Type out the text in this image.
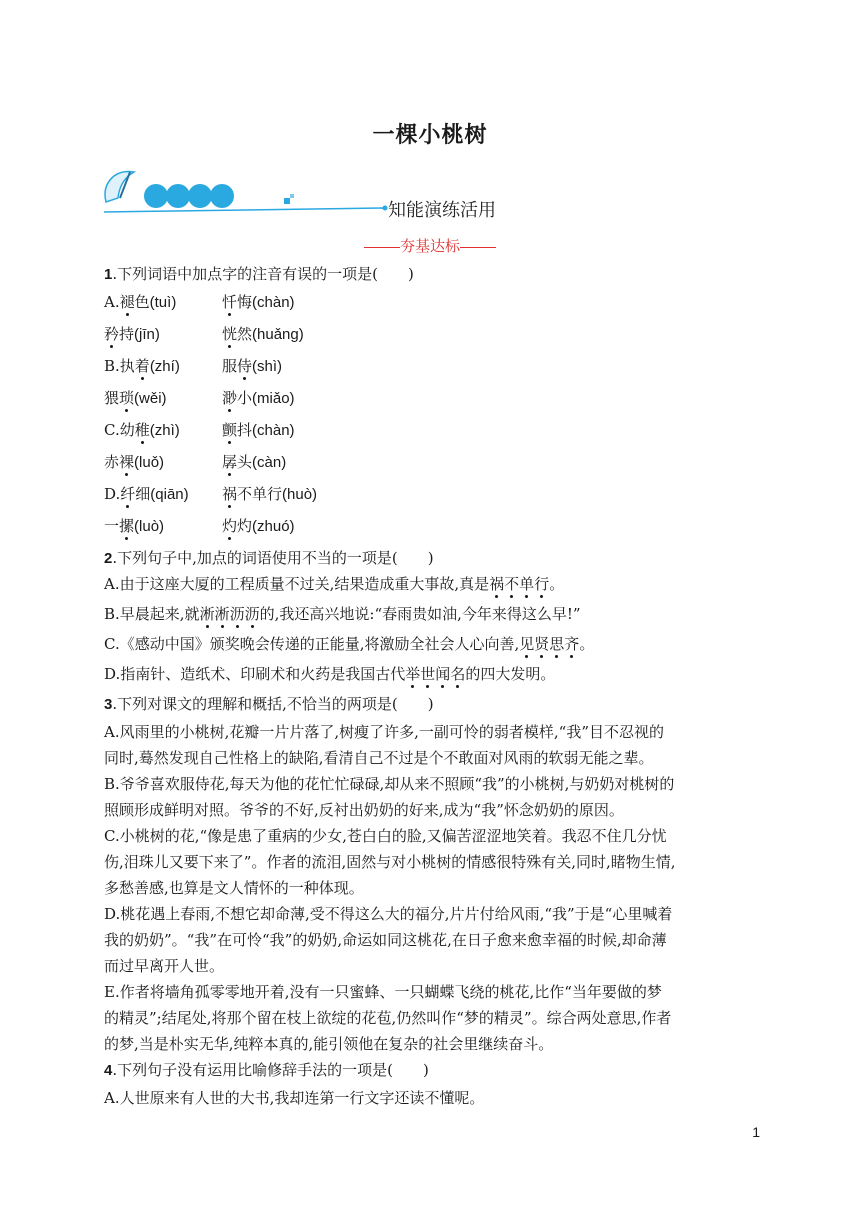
一棵小桃树
知能演练活用
夯基达标
1.下列词语中加点字的注音有误的一项是(　　)
A.褪色(tuì)	忏悔(chàn)
矜持(jīn)	恍然(huǎng)
B.执着(zhí)	服侍(shì)
猥琐(wěi)	渺小(miǎo)
C.幼稚(zhì)	颤抖(chàn)
赤裸(luǒ)	孱头(càn)
D.纤细(qiān) 祸不单行(huò)
一摞(luò)	灼灼(zhuó)
2.下列句子中,加点的词语使用不当的一项是(　　)
A.由于这座大厦的工程质量不过关,结果造成重大事故,真是祸不单行。
B.早晨起来,就淅淅沥沥的,我还高兴地说:“春雨贵如油,今年来得这么早!”
C.《感动中国》颁奖晚会传递的正能量,将激励全社会人心向善,见贤思齐。
D.指南针、造纸术、印刷术和火药是我国古代举世闻名的四大发明。
3.下列对课文的理解和概括,不恰当的两项是(　　)
A.风雨里的小桃树,花瓣一片片落了,树瘦了许多,一副可怜的弱者模样,“我”目不忍视的
同时,蓦然发现自己性格上的缺陷,看清自己不过是个不敢面对风雨的软弱无能之辈。
B.爷爷喜欢服侍花,每天为他的花忙忙碌碌,却从来不照顾“我”的小桃树,与奶奶对桃树的
照顾形成鲜明对照。爷爷的不好,反衬出奶奶的好来,成为“我”怀念奶奶的原因。
C.小桃树的花,“像是患了重病的少女,苍白白的脸,又偏苦涩涩地笑着。我忍不住几分忧
伤,泪珠儿又要下来了”。作者的流泪,固然与对小桃树的情感很特殊有关,同时,睹物生情,
多愁善感,也算是文人情怀的一种体现。
D.桃花遇上春雨,不想它却命薄,受不得这么大的福分,片片付给风雨,“我”于是“心里喊着
我的奶奶”。“我”在可怜“我”的奶奶,命运如同这桃花,在日子愈来愈幸福的时候,却命薄
而过早离开人世。
E.作者将墙角孤零零地开着,没有一只蜜蜂、一只蝴蝶飞绕的桃花,比作“当年要做的梦
的精灵”;结尾处,将那个留在枝上欲绽的花苞,仍然叫作“梦的精灵”。综合两处意思,作者
的梦,当是朴实无华,纯粹本真的,能引领他在复杂的社会里继续奋斗。
4.下列句子没有运用比喻修辞手法的一项是(　　)
A.人世原来有人世的大书,我却连第一行文字还读不懂呢。
1
